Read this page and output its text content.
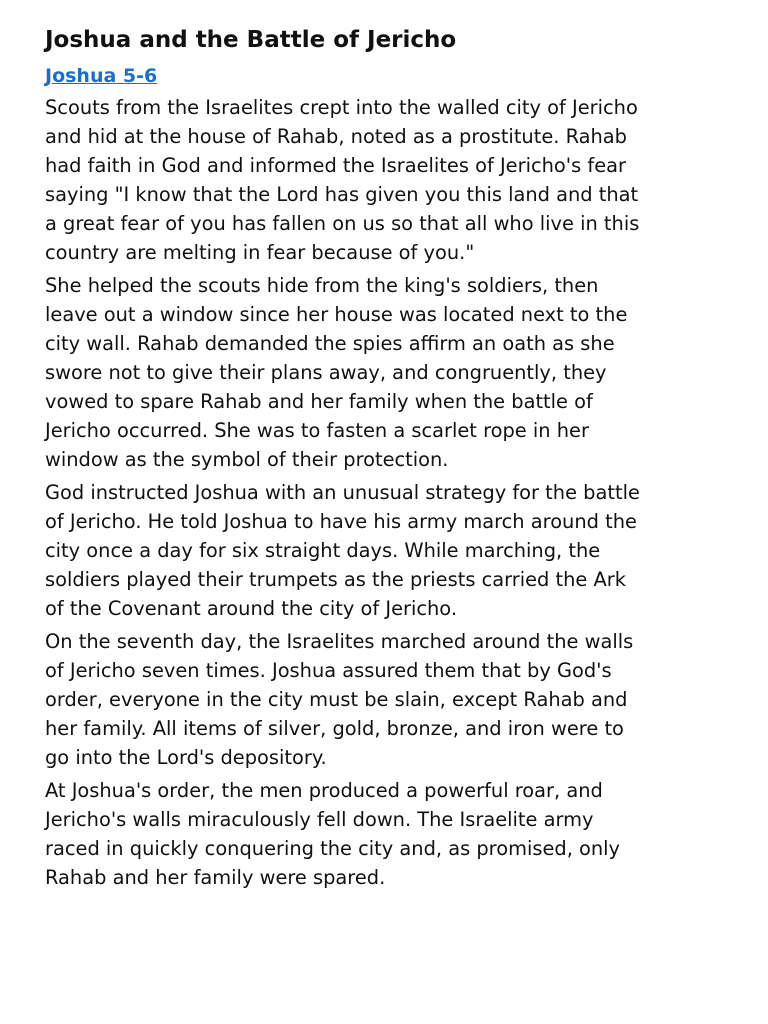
Joshua and the Battle of Jericho
Joshua 5-6

Scouts from the Israelites crept into the walled city of Jericho
and hid at the house of Rahab, noted as a prostitute. Rahab
had faith in God and informed the Israelites of Jericho's fear
saying "I know that the Lord has given you this land and that
a great fear of you has fallen on us so that all who live in this
country are melting in fear because of you."

She helped the scouts hide from the king's soldiers, then
leave out a window since her house was located next to the
city wall. Rahab demanded the spies affirm an oath as she
swore not to give their plans away, and congruently, they
vowed to spare Rahab and her family when the battle of
Jericho occurred. She was to fasten a scarlet rope in her
window as the symbol of their protection.

God instructed Joshua with an unusual strategy for the battle
of Jericho. He told Joshua to have his army march around the
city once a day for six straight days. While marching, the
soldiers played their trumpets as the priests carried the Ark
of the Covenant around the city of Jericho.

On the seventh day, the Israelites marched around the walls
of Jericho seven times. Joshua assured them that by God's
order, everyone in the city must be slain, except Rahab and
her family. All items of silver, gold, bronze, and iron were to
go into the Lord's depository.

At Joshua's order, the men produced a powerful roar, and
Jericho's walls miraculously fell down. The Israelite army
raced in quickly conquering the city and, as promised, only
Rahab and her family were spared.
